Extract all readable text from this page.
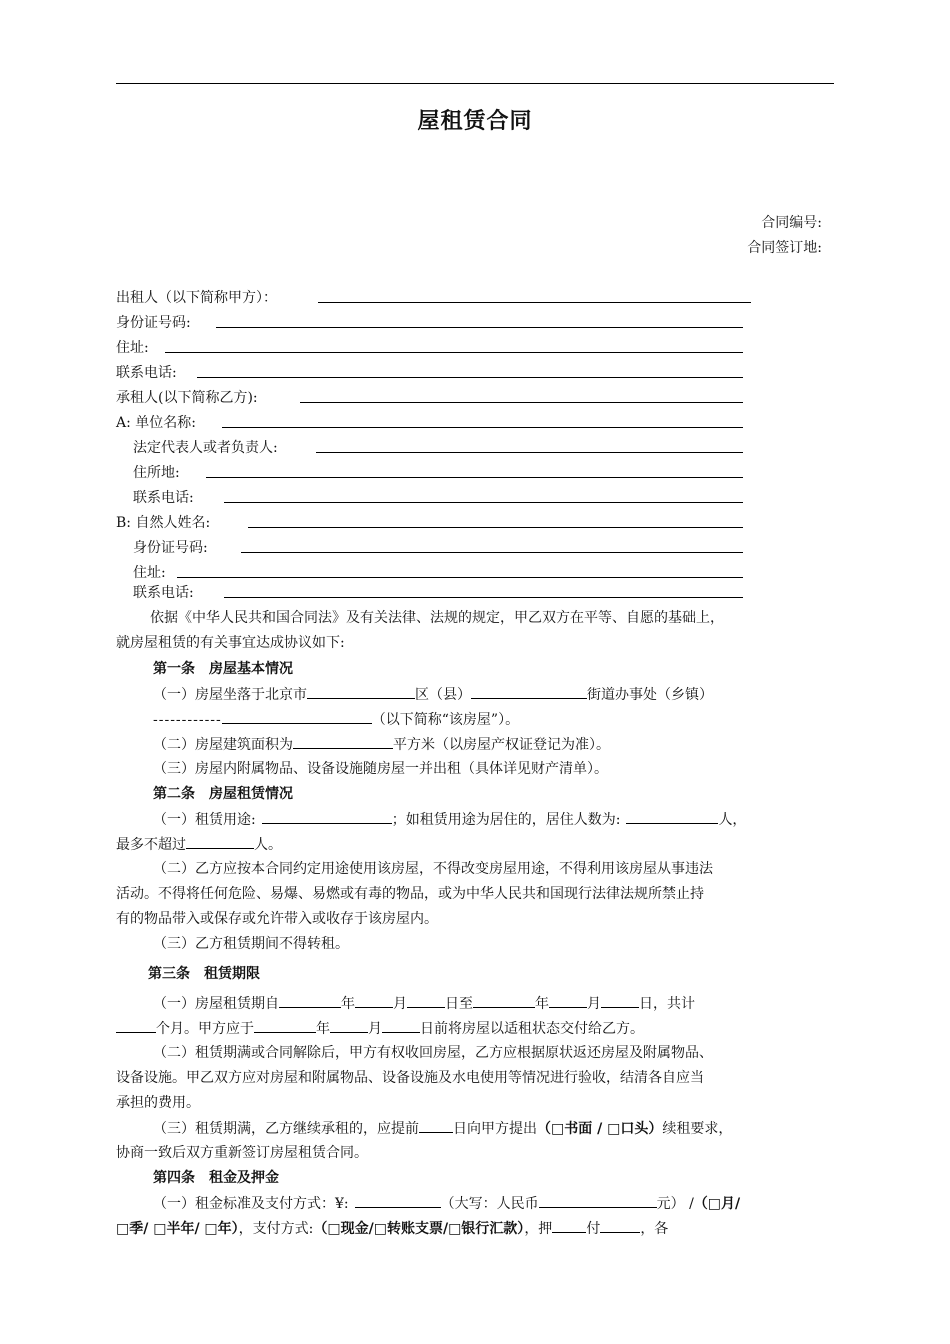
屋租赁合同
合同编号:
合同签订地:
出租人（以下简称甲方）：
身份证号码:
住址:
联系电话:
承租人(以下简称乙方):
A: 单位名称:
法定代表人或者负责人:
住所地:
联系电话:
B: 自然人姓名:
身份证号码:
住址:
联系电话:
依据《中华人民共和国合同法》及有关法律、法规的规定，甲乙双方在平等、自愿的基础上，
就房屋租赁的有关事宜达成协议如下:
第一条　房屋基本情况
（一）房屋坐落于北京市	区（县）	街道办事处（乡镇）
------------	（以下简称“该房屋”）。
（二）房屋建筑面积为	平方米（以房屋产权证登记为准）。
（三）房屋内附属物品、设备设施随房屋一并出租（具体详见财产清单）。
第二条　房屋租赁情况
（一）租赁用途:	；如租赁用途为居住的，居住人数为:	人，
最多不超过	人。
（二）乙方应按本合同约定用途使用该房屋，不得改变房屋用途，不得利用该房屋从事违法
活动。不得将任何危险、易爆、易燃或有毒的物品，或为中华人民共和国现行法律法规所禁止持
有的物品带入或保存或允许带入或收存于该房屋内。
（三）乙方租赁期间不得转租。
第三条　租赁期限
（一）房屋租赁期自	年	月	日至	年	月	日，共计
个月。甲方应于	年	月	日前将房屋以适租状态交付给乙方。
（二）租赁期满或合同解除后，甲方有权收回房屋，乙方应根据原状返还房屋及附属物品、
设备设施。甲乙双方应对房屋和附属物品、设备设施及水电使用等情况进行验收，结清各自应当
承担的费用。
（三）租赁期满，乙方继续承租的，应提前 日向甲方提出（□书面 / □口头）续租要求，
协商一致后双方重新签订房屋租赁合同。
第四条　租金及押金
（一）租金标准及支付方式：¥:	（大写：人民币	元） /（□月/
□季/ □半年/ □年），支付方式:（□现金/□转账支票/□银行汇款），押 付	，各
